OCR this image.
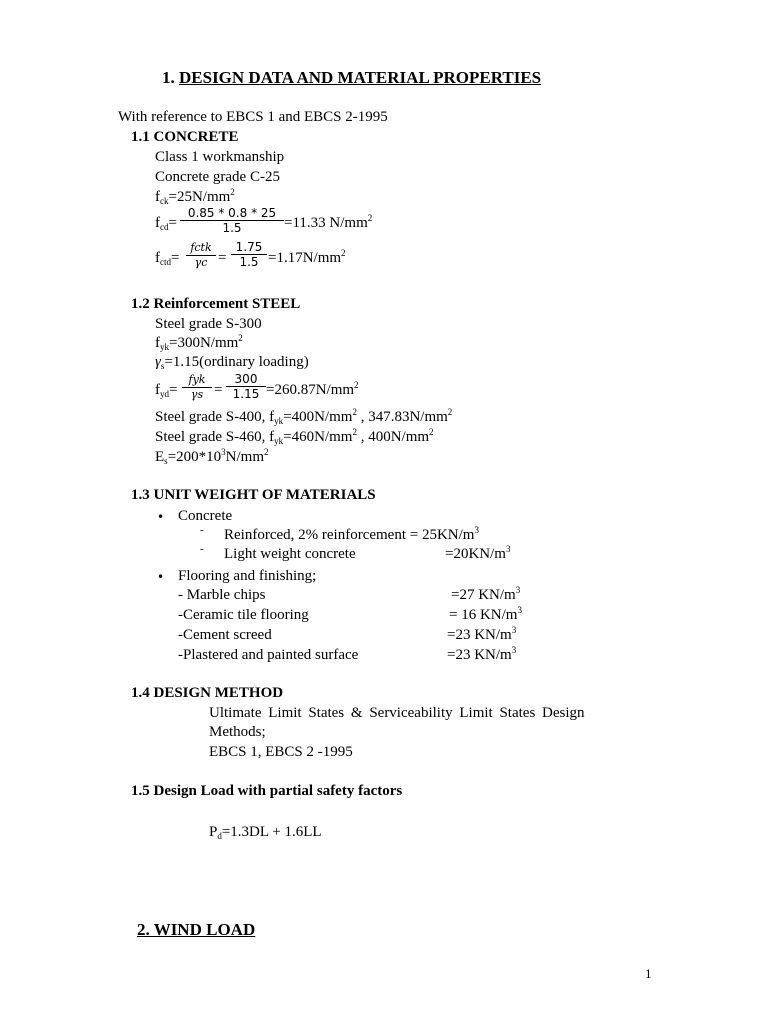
1. DESIGN DATA AND MATERIAL PROPERTIES
With reference to EBCS 1 and EBCS 2-1995
1.1 CONCRETE
Class 1 workmanship
Concrete grade C-25
$f_{ck}=25N/mm^2$
$f_{cd}=$
0.85 * 0.8 * 25
1.5	=11.33 $N/mm^2$
$f_{ctd}=$
fctk
γc =
1.75
$1.5 =1.17N/mm^2$
1.2 Reinforcement STEEL
Steel grade S-300
$f_{yk}=300N/mm^2$
$\gamma_s=1.15(ordinary$ loading)
$f_{yd}=$
fyk
γs =
300
$1.15 =260.87N/mm^2$
Steel grade S-400, $f_{yk}=400N/mm^2$ , $347.83N/mm^2$
Steel grade S-460, $f_{yk}=460N/mm^2$ , $400N/mm^2$
$E_s=200*10^3N/mm^2$
1.3 UNIT WEIGHT OF MATERIALS
• Concrete
- Reinforced, 2% reinforcement = $25KN/m^3$
- Light weight concrete	$=20KN/m^3$
• Flooring and finishing;
- Marble chips	=27 $KN/m^3$
-Ceramic tile flooring	= 16 $KN/m^3$
-Cement screed	=23 $KN/m^3$
-Plastered and painted surface	=23 $KN/m^3$
1.4 DESIGN METHOD
Ultimate Limit States & Serviceability Limit States Design
Methods;
EBCS 1, EBCS 2 -1995
1.5 Design Load with partial safety factors
$P_d=1.3DL + 1.6LL$
2. WIND LOAD
1
